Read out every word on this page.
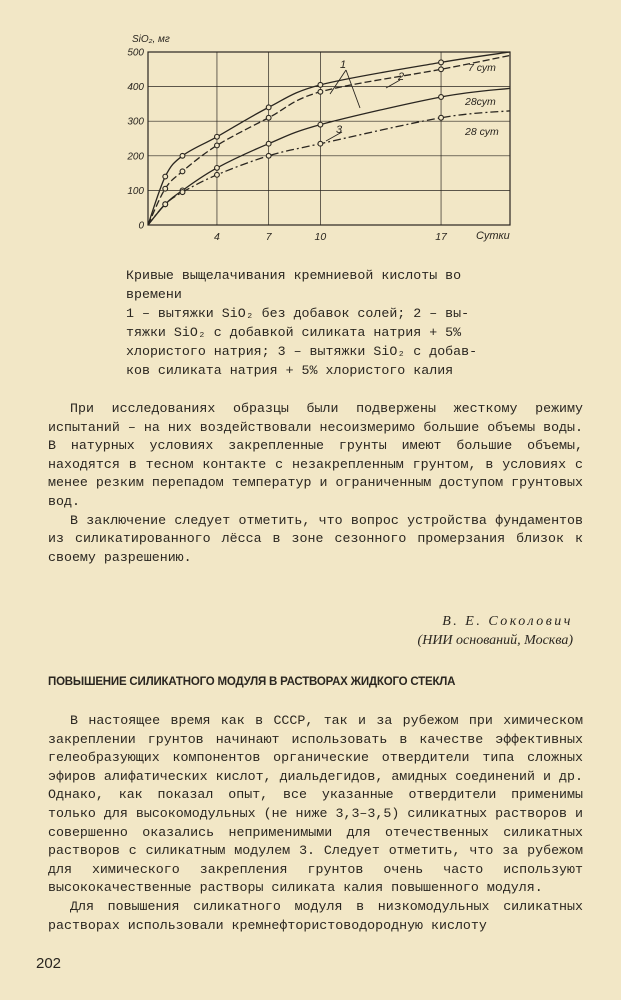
500
400
300
200
100
0
4	7	10	17
SiO₂, мг
Сутки
7 сут
28сут
28 сут
1
2
3

Кривые выщелачивания кремниевой кислоты во

времени

1 – вытяжки SiO₂ без добавок солей; 2 – вы-

тяжки SiO₂ с добавкой силиката натрия + 5%

хлористого натрия; 3 – вытяжки SiO₂ с добав-

ков силиката натрия + 5% хлористого калия

При исследованиях образцы были подвержены жесткому режиму испытаний – на них воздействовали несоизмеримо большие объемы воды. В натурных условиях закрепленные грунты имеют большие объемы, находятся в тесном контакте с незакрепленным грунтом, в условиях с менее резким перепадом температур и ограниченным доступом грунтовых вод.

В заключение следует отметить, что вопрос устройства фундаментов из силикатированного лёсса в зоне сезонного промерзания близок к своему разрешению.

В. Е. Соколович
(НИИ оснований, Москва)
ПОВЫШЕНИЕ СИЛИКАТНОГО МОДУЛЯ В РАСТВОРАХ ЖИДКОГО СТЕКЛА

В настоящее время как в СССР, так и за рубежом при химическом закреплении грунтов начинают использовать в качестве эффективных гелеобразующих компонентов органические отвердители типа сложных эфиров алифатических кислот, диальдегидов, амидных соединений и др. Однако, как показал опыт, все указанные отвердители применимы только для высокомодульных (не ниже 3,3–3,5) силикатных растворов и совершенно оказались неприменимыми для отечественных силикатных растворов с силикатным модулем 3. Следует отметить, что за рубежом для химического закрепления грунтов очень часто используют высококачественные растворы силиката калия повышенного модуля.

Для повышения силикатного модуля в низкомодульных силикатных растворах использовали кремнефтористоводородную кислоту

202
